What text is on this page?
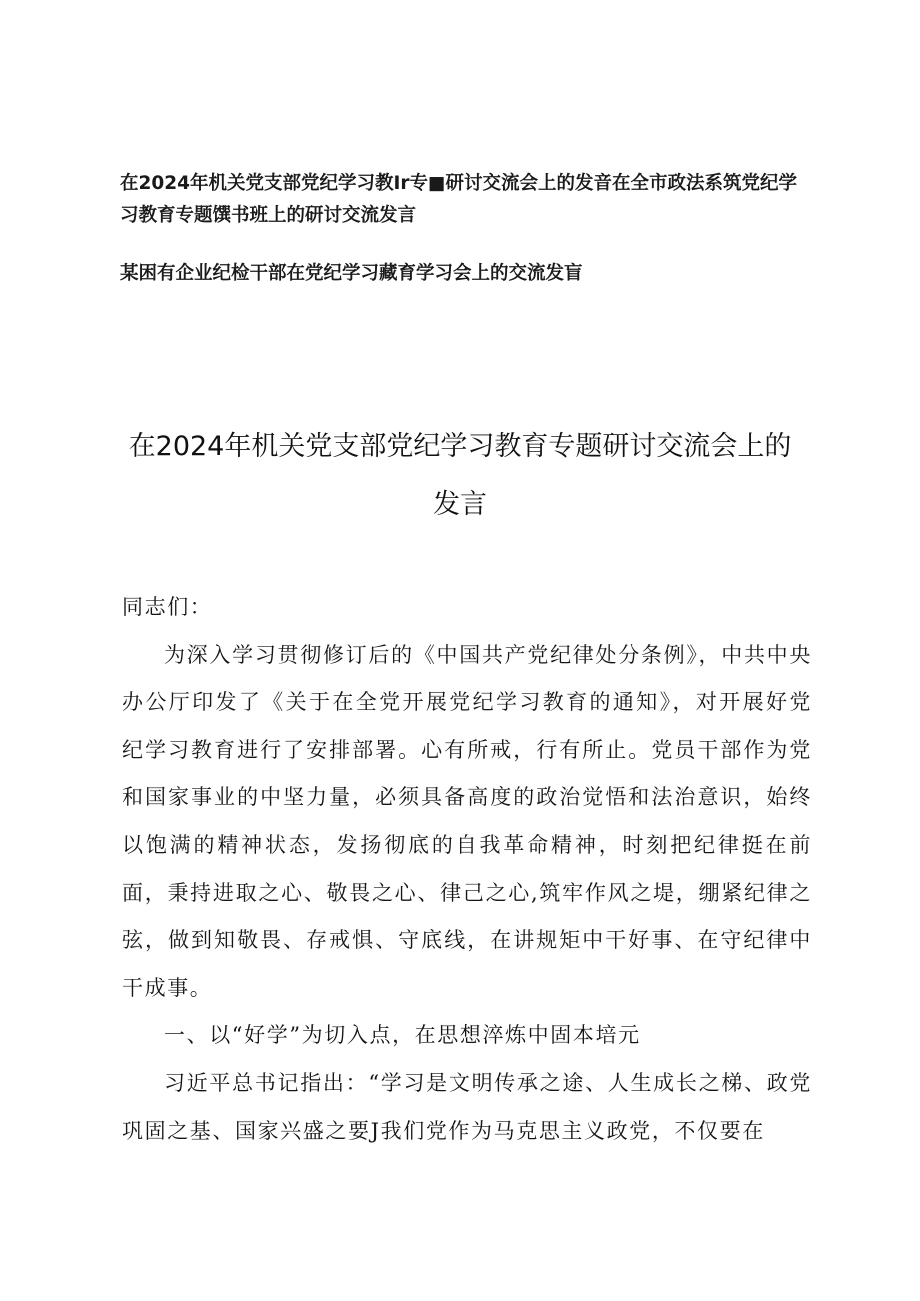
在2024年机关党支部党纪学习教Ir专■研讨交流会上的发音在全市政法系筑党纪学习教育专题馔书班上的研讨交流发言

某困有企业纪检干部在党纪学习藏育学习会上的交流发盲

在2024年机关党支部党纪学习教育专题研讨交流会上的
发言

同志们：

为深入学习贯彻修订后的《中国共产党纪律处分条例》，中共中央办公厅印发了《关于在全党开展党纪学习教育的通知》，对开展好党纪学习教育进行了安排部署。心有所戒，行有所止。党员干部作为党和国家事业的中坚力量，必须具备高度的政治觉悟和法治意识，始终以饱满的精神状态，发扬彻底的自我革命精神，时刻把纪律挺在前面，秉持进取之心、敬畏之心、律己之心,筑牢作风之堤，绷紧纪律之弦，做到知敬畏、存戒惧、守底线，在讲规矩中干好事、在守纪律中干成事。

一、以“好学”为切入点，在思想淬炼中固本培元

习近平总书记指出：“学习是文明传承之途、人生成长之梯、政党巩固之基、国家兴盛之要J我们党作为马克思主义政党，不仅要在
